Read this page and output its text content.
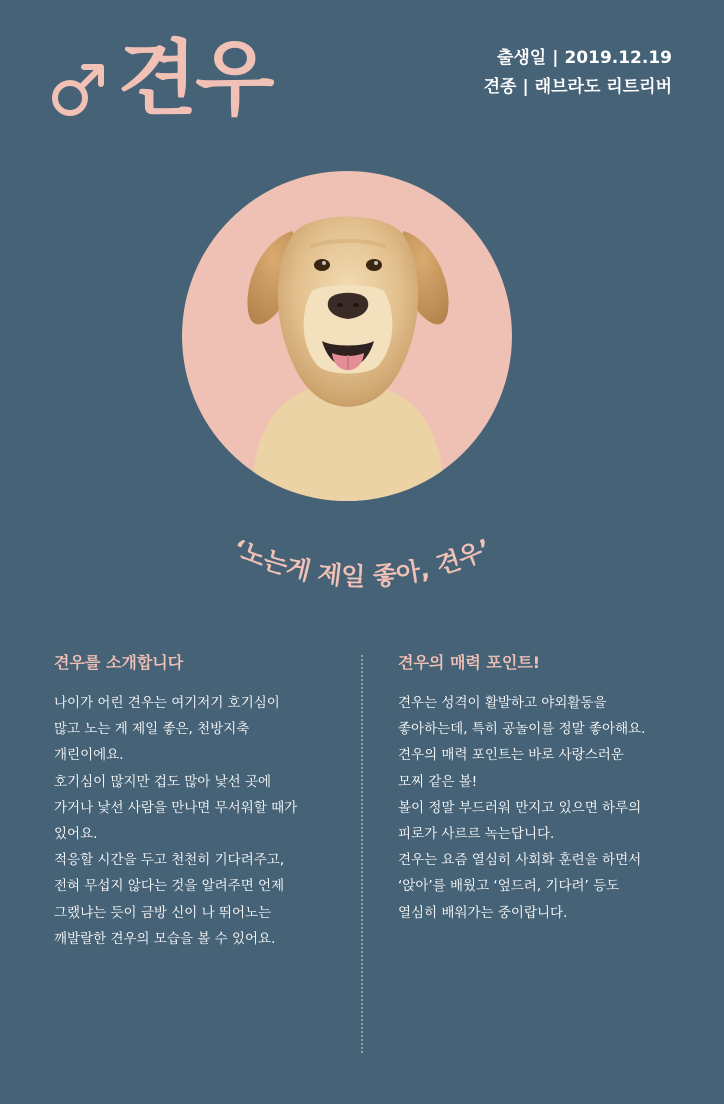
견우	출생일 | 2019.12.19
견종 | 래브라도 리트리버
‘노는게 제일 좋아, 견우’
견우를 소개합니다

나이가 어린 견우는 여기저기 호기심이

많고 노는 게 제일 좋은, 천방지축

개린이에요.

호기심이 많지만 겁도 많아 낯선 곳에

가거나 낯선 사람을 만나면 무서워할 때가

있어요.

적응할 시간을 두고 천천히 기다려주고,

전혀 무섭지 않다는 것을 알려주면 언제

그랬냐는 듯이 금방 신이 나 뛰어노는

깨발랄한 견우의 모습을 볼 수 있어요.

견우의 매력 포인트!

견우는 성격이 활발하고 야외활동을

좋아하는데, 특히 공놀이를 정말 좋아해요.

견우의 매력 포인트는 바로 사랑스러운

모찌 같은 볼!

볼이 정말 부드러워 만지고 있으면 하루의

피로가 사르르 녹는답니다.

견우는 요즘 열심히 사회화 훈련을 하면서

‘앉아’를 배웠고 ‘엎드려, 기다려’ 등도

열심히 배워가는 중이랍니다.
